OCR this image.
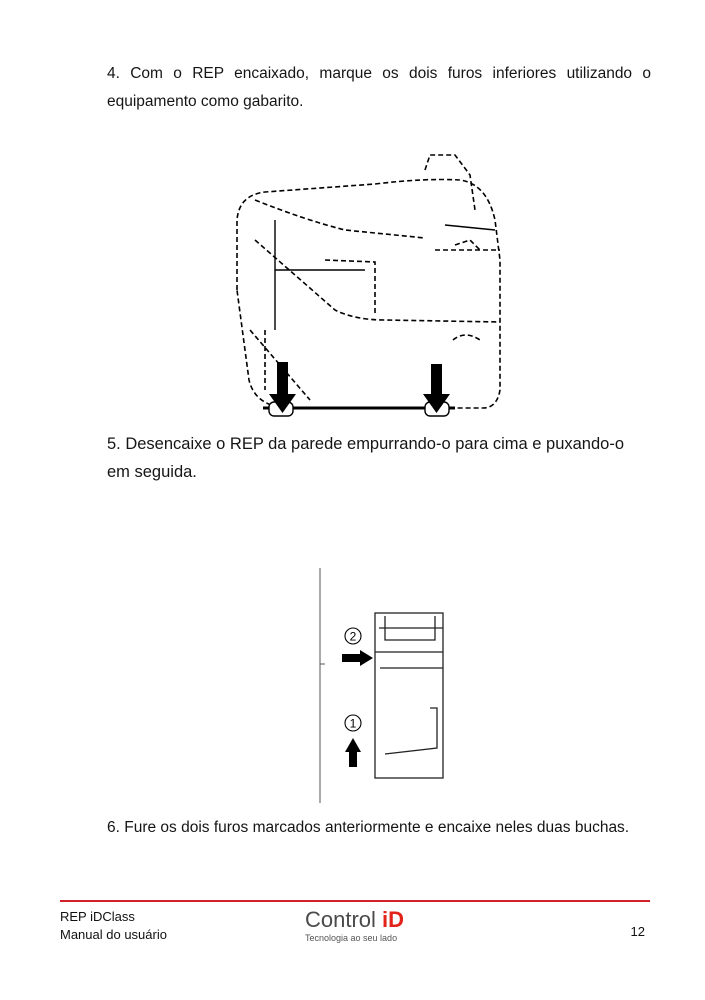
4. Com o REP encaixado, marque os dois furos inferiores utilizando o equipamento como gabarito.
5. Desencaixe o REP da parede empurrando-o para cima e puxando-o em seguida.
2
1
6. Fure os dois furos marcados anteriormente e encaixe neles duas buchas.
REP iDClass
Manual do usuário
Control iD
Tecnologia ao seu lado	12
